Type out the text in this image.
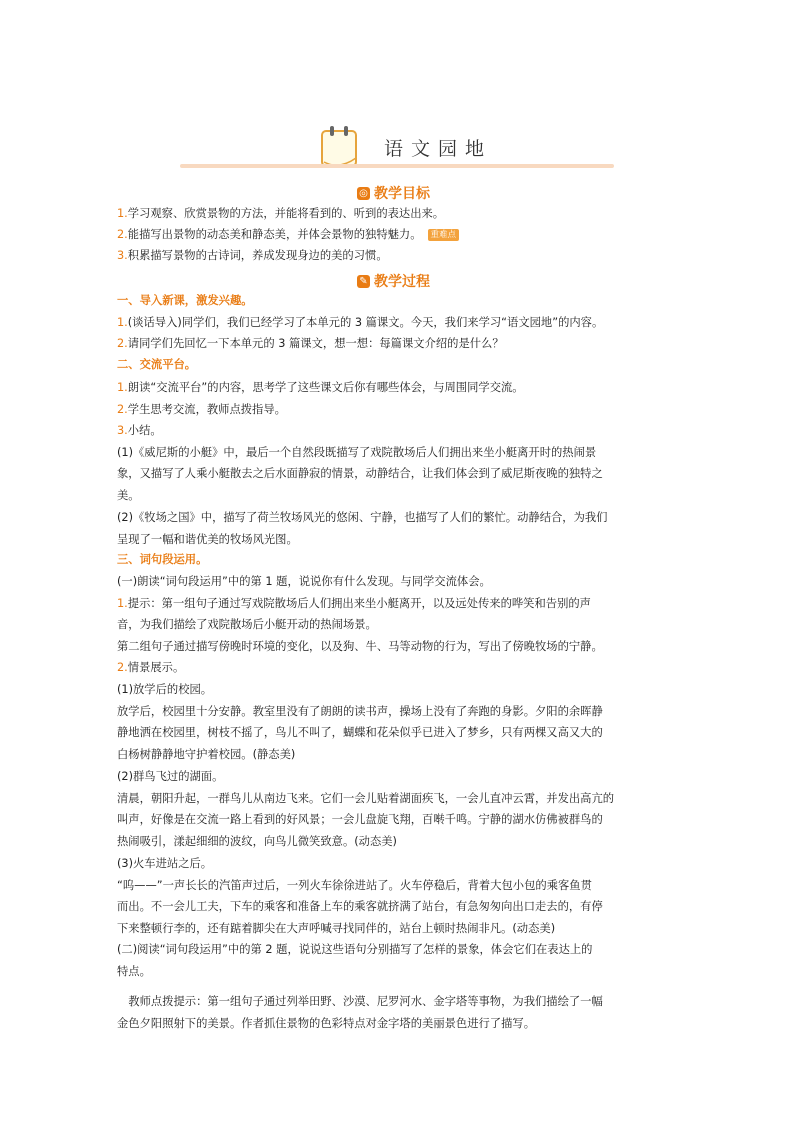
语文园地
◎ 教学目标
1.学习观察、欣赏景物的方法，并能将看到的、听到的表达出来。
2.能描写出景物的动态美和静态美，并体会景物的独特魅力。 重难点
3.积累描写景物的古诗词，养成发现身边的美的习惯。
✎ 教学过程
一、导入新课，激发兴趣。
1.(谈话导入)同学们，我们已经学习了本单元的 3 篇课文。今天，我们来学习“语文园地”的内容。
2.请同学们先回忆一下本单元的 3 篇课文，想一想：每篇课文介绍的是什么？
二、交流平台。
1.朗读“交流平台”的内容，思考学了这些课文后你有哪些体会，与周围同学交流。
2.学生思考交流，教师点拨指导。
3.小结。
(1)《威尼斯的小艇》中，最后一个自然段既描写了戏院散场后人们拥出来坐小艇离开时的热闹景
象，又描写了人乘小艇散去之后水面静寂的情景，动静结合，让我们体会到了威尼斯夜晚的独特之
美。
(2)《牧场之国》中，描写了荷兰牧场风光的悠闲、宁静，也描写了人们的繁忙。动静结合，为我们
呈现了一幅和谐优美的牧场风光图。
三、词句段运用。
(一)朗读“词句段运用”中的第 1 题，说说你有什么发现。与同学交流体会。
1.提示：第一组句子通过写戏院散场后人们拥出来坐小艇离开，以及远处传来的哗笑和告别的声
音，为我们描绘了戏院散场后小艇开动的热闹场景。
第二组句子通过描写傍晚时环境的变化，以及狗、牛、马等动物的行为，写出了傍晚牧场的宁静。
2.情景展示。
(1)放学后的校园。
放学后，校园里十分安静。教室里没有了朗朗的读书声，操场上没有了奔跑的身影。夕阳的余晖静
静地洒在校园里，树枝不摇了，鸟儿不叫了，蝴蝶和花朵似乎已进入了梦乡，只有两棵又高又大的
白杨树静静地守护着校园。(静态美)
(2)群鸟飞过的湖面。
清晨，朝阳升起，一群鸟儿从南边飞来。它们一会儿贴着湖面疾飞，一会儿直冲云霄，并发出高亢的
叫声，好像是在交流一路上看到的好风景；一会儿盘旋飞翔，百啭千鸣。宁静的湖水仿佛被群鸟的
热闹吸引，漾起细细的波纹，向鸟儿微笑致意。(动态美)
(3)火车进站之后。
“呜——”一声长长的汽笛声过后，一列火车徐徐进站了。火车停稳后，背着大包小包的乘客鱼贯
而出。不一会儿工夫，下车的乘客和准备上车的乘客就挤满了站台，有急匆匆向出口走去的，有停
下来整顿行李的，还有踮着脚尖在大声呼喊寻找同伴的，站台上顿时热闹非凡。(动态美)
(二)阅读“词句段运用”中的第 2 题，说说这些语句分别描写了怎样的景象，体会它们在表达上的
特点。
　教师点拨提示：第一组句子通过列举田野、沙漠、尼罗河水、金字塔等事物，为我们描绘了一幅
金色夕阳照射下的美景。作者抓住景物的色彩特点对金字塔的美丽景色进行了描写。
